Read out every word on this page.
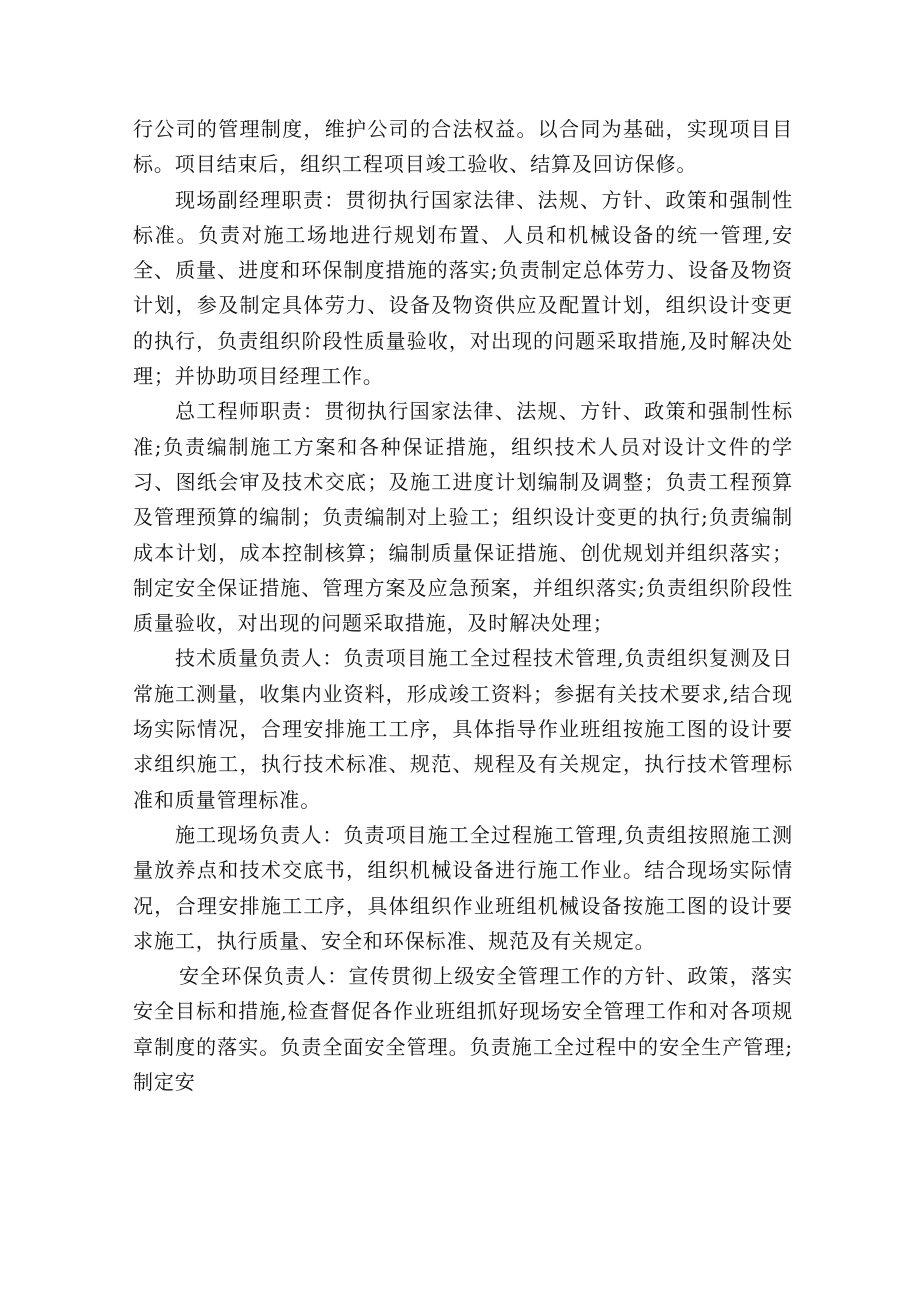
行公司的管理制度，维护公司的合法权益。以合同为基础，实现项目目标。项目结束后，组织工程项目竣工验收、结算及回访保修。

现场副经理职责：贯彻执行国家法律、法规、方针、政策和强制性标准。负责对施工场地进行规划布置、人员和机械设备的统一管理,安全、质量、进度和环保制度措施的落实;负责制定总体劳力、设备及物资计划，参及制定具体劳力、设备及物资供应及配置计划，组织设计变更的执行，负责组织阶段性质量验收，对出现的问题采取措施,及时解决处理；并协助项目经理工作。

总工程师职责：贯彻执行国家法律、法规、方针、政策和强制性标准;负责编制施工方案和各种保证措施，组织技术人员对设计文件的学习、图纸会审及技术交底；及施工进度计划编制及调整；负责工程预算及管理预算的编制；负责编制对上验工；组织设计变更的执行;负责编制成本计划，成本控制核算；编制质量保证措施、创优规划并组织落实；制定安全保证措施、管理方案及应急预案，并组织落实;负责组织阶段性质量验收，对出现的问题采取措施，及时解决处理；

技术质量负责人：负责项目施工全过程技术管理,负责组织复测及日常施工测量，收集内业资料，形成竣工资料；参据有关技术要求,结合现场实际情况，合理安排施工工序，具体指导作业班组按施工图的设计要求组织施工，执行技术标准、规范、规程及有关规定，执行技术管理标准和质量管理标准。

施工现场负责人：负责项目施工全过程施工管理,负责组按照施工测量放养点和技术交底书，组织机械设备进行施工作业。结合现场实际情况，合理安排施工工序，具体组织作业班组机械设备按施工图的设计要求施工，执行质量、安全和环保标准、规范及有关规定。

安全环保负责人：宣传贯彻上级安全管理工作的方针、政策，落实安全目标和措施,检查督促各作业班组抓好现场安全管理工作和对各项规章制度的落实。负责全面安全管理。负责施工全过程中的安全生产管理;制定安
